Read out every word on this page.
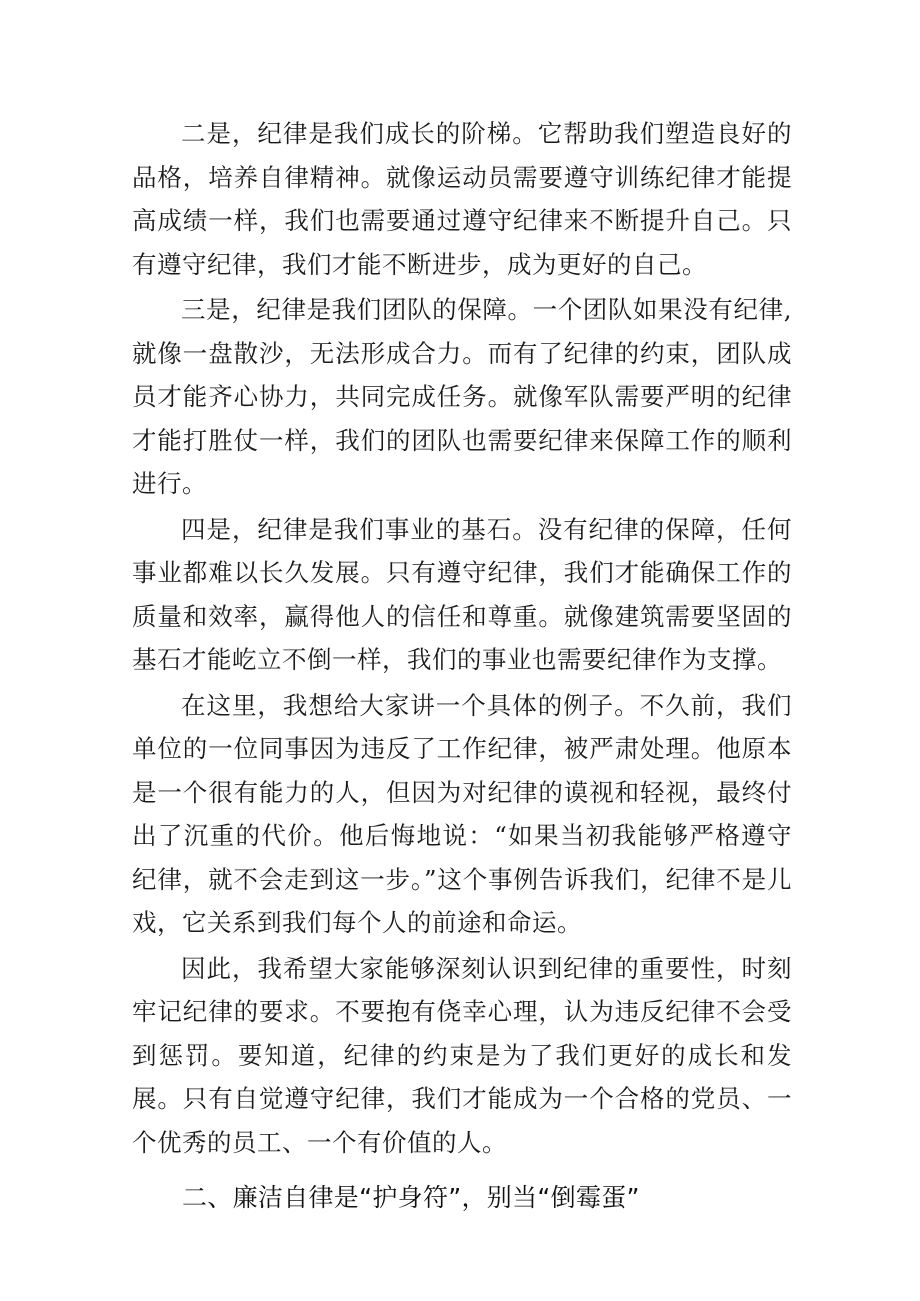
二是，纪律是我们成长的阶梯。它帮助我们塑造良好的品格，培养自律精神。就像运动员需要遵守训练纪律才能提高成绩一样，我们也需要通过遵守纪律来不断提升自己。只有遵守纪律，我们才能不断进步，成为更好的自己。

三是，纪律是我们团队的保障。一个团队如果没有纪律,就像一盘散沙，无法形成合力。而有了纪律的约束，团队成员才能齐心协力，共同完成任务。就像军队需要严明的纪律才能打胜仗一样，我们的团队也需要纪律来保障工作的顺利进行。

四是，纪律是我们事业的基石。没有纪律的保障，任何事业都难以长久发展。只有遵守纪律，我们才能确保工作的质量和效率，赢得他人的信任和尊重。就像建筑需要坚固的基石才能屹立不倒一样，我们的事业也需要纪律作为支撑。

在这里，我想给大家讲一个具体的例子。不久前，我们单位的一位同事因为违反了工作纪律，被严肃处理。他原本是一个很有能力的人，但因为对纪律的谟视和轻视，最终付出了沉重的代价。他后悔地说：“如果当初我能够严格遵守纪律，就不会走到这一步。”这个事例告诉我们，纪律不是儿戏，它关系到我们每个人的前途和命运。

因此，我希望大家能够深刻认识到纪律的重要性，时刻牢记纪律的要求。不要抱有侥幸心理，认为违反纪律不会受到惩罚。要知道，纪律的约束是为了我们更好的成长和发展。只有自觉遵守纪律，我们才能成为一个合格的党员、一个优秀的员工、一个有价值的人。

二、廉洁自律是“护身符”，别当“倒霉蛋”
